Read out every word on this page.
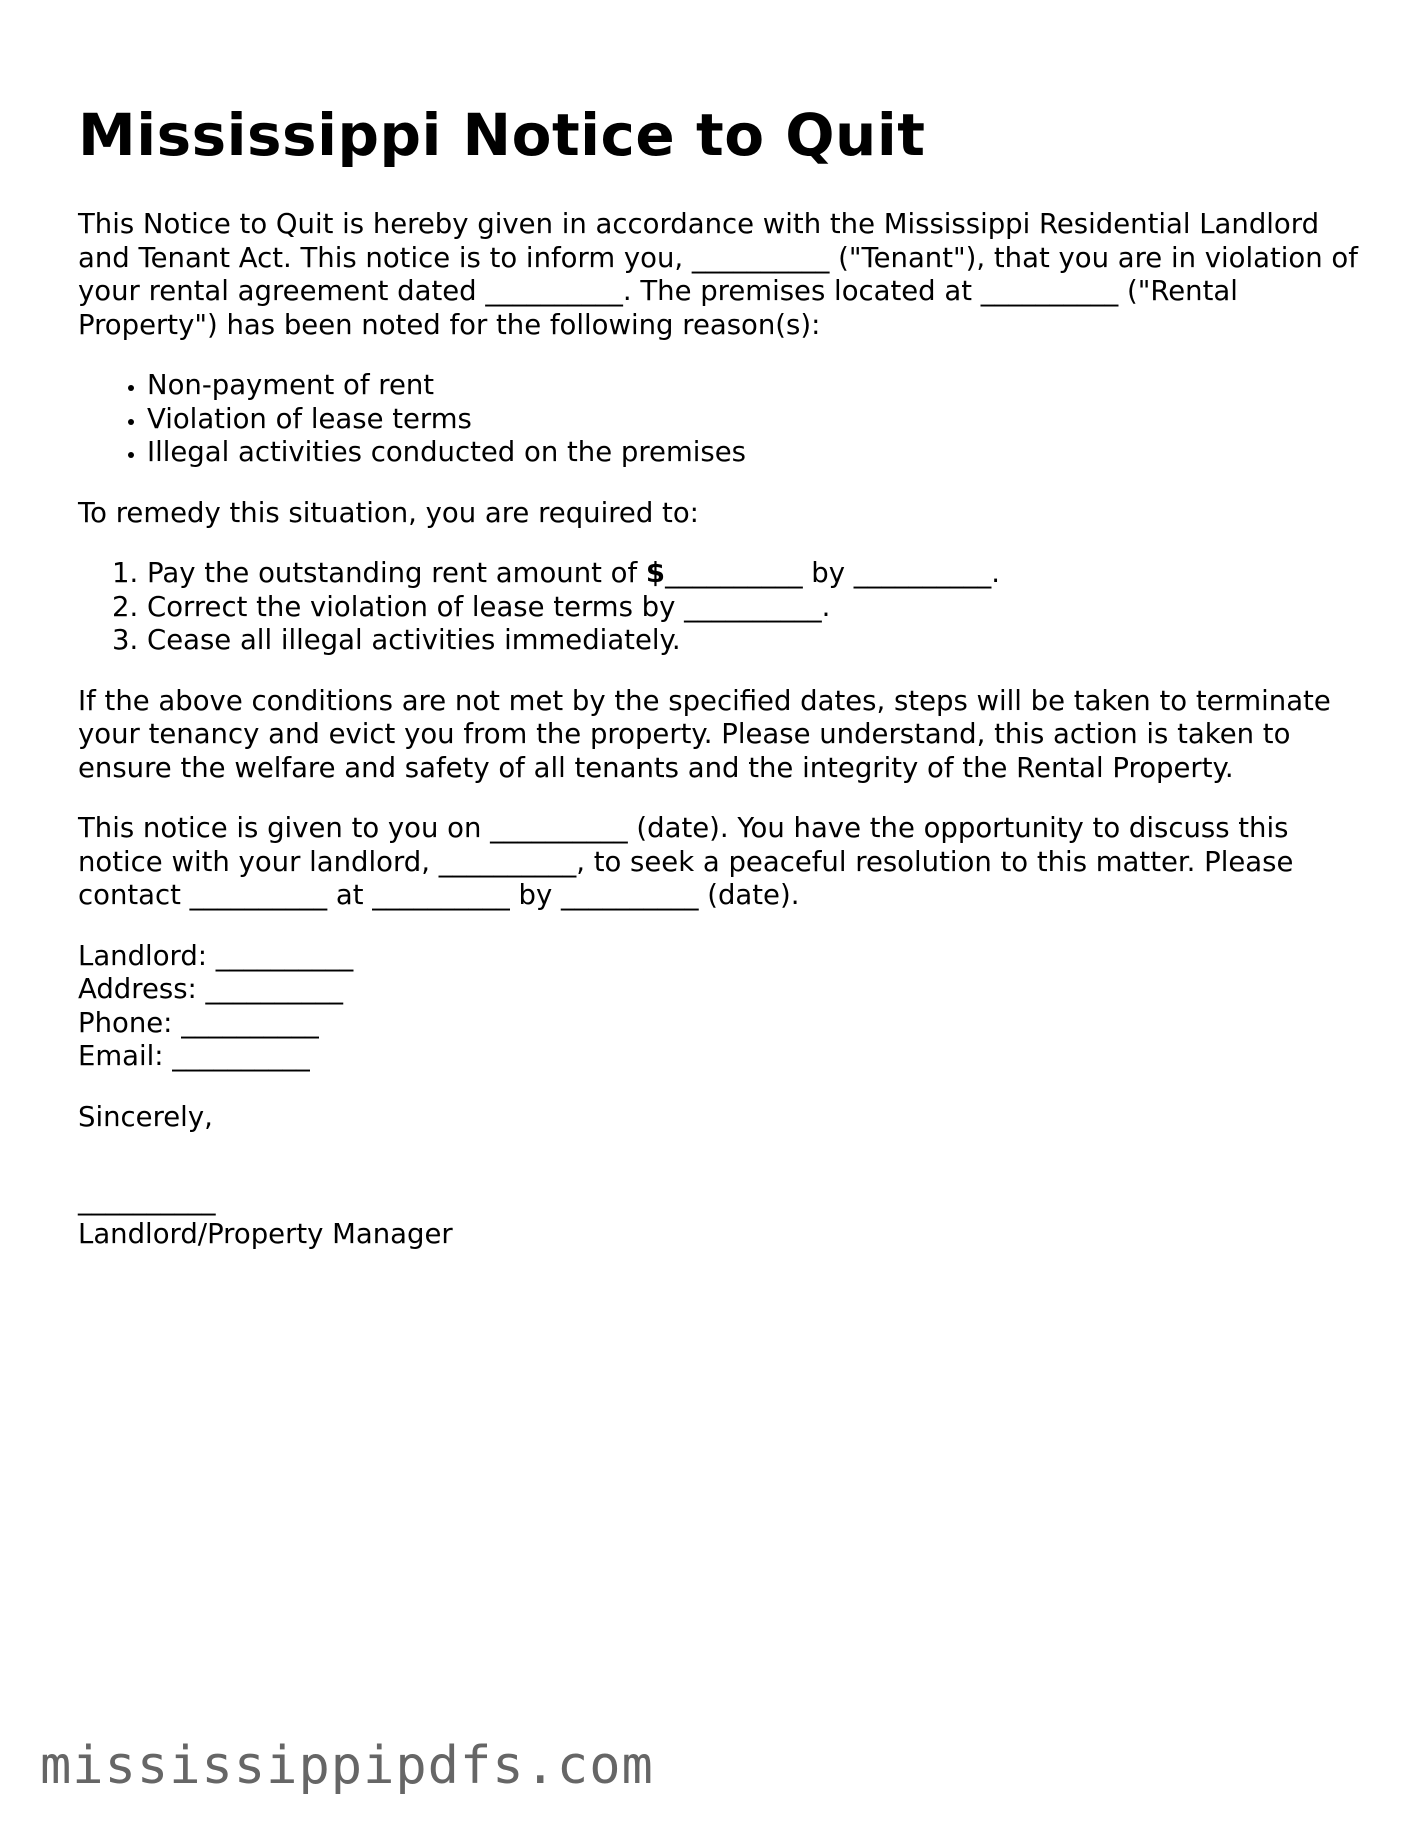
Mississippi Notice to Quit

This Notice to Quit is hereby given in accordance with the Mississippi Residential Landlord and Tenant Act. This notice is to inform you, __________ ("Tenant"), that you are in violation of your rental agreement dated __________. The premises located at __________ ("Rental Property") has been noted for the following reason(s):

• Non-payment of rent
• Violation of lease terms
• Illegal activities conducted on the premises

To remedy this situation, you are required to:

1. Pay the outstanding rent amount of $__________ by __________.
2. Correct the violation of lease terms by __________.
3. Cease all illegal activities immediately.

If the above conditions are not met by the specified dates, steps will be taken to terminate your tenancy and evict you from the property. Please understand, this action is taken to ensure the welfare and safety of all tenants and the integrity of the Rental Property.

This notice is given to you on __________ (date). You have the opportunity to discuss this notice with your landlord, __________, to seek a peaceful resolution to this matter. Please contact __________ at __________ by __________ (date).

Landlord: __________
Address: __________
Phone: __________
Email: __________

Sincerely,

__________
Landlord/Property Manager

mississippipdfs.com
